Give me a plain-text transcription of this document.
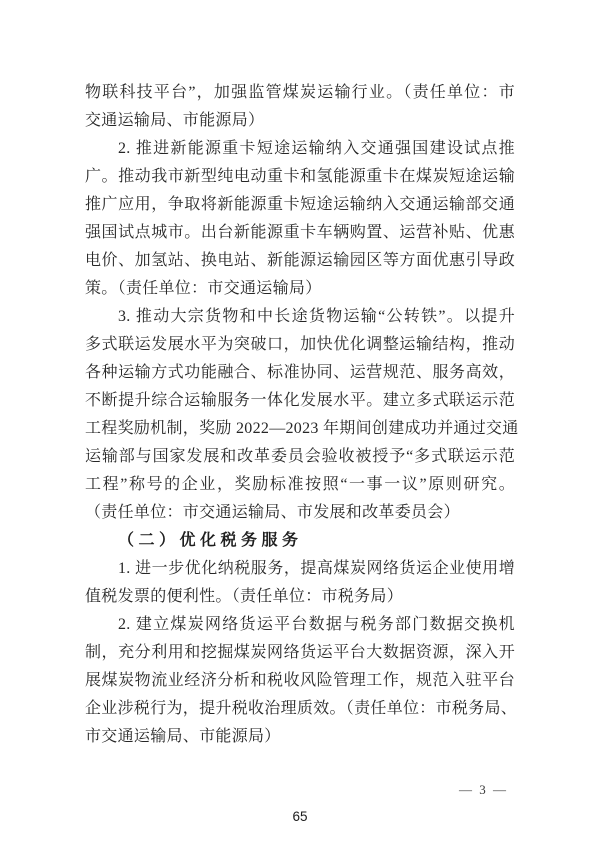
物联科技平台”，加强监管煤炭运输行业。（责任单位：市
交通运输局、市能源局）
2. 推进新能源重卡短途运输纳入交通强国建设试点推
广。推动我市新型纯电动重卡和氢能源重卡在煤炭短途运输
推广应用，争取将新能源重卡短途运输纳入交通运输部交通
强国试点城市。出台新能源重卡车辆购置、运营补贴、优惠
电价、加氢站、换电站、新能源运输园区等方面优惠引导政
策。（责任单位：市交通运输局）
3. 推动大宗货物和中长途货物运输“公转铁”。以提升
多式联运发展水平为突破口，加快优化调整运输结构，推动
各种运输方式功能融合、标准协同、运营规范、服务高效，
不断提升综合运输服务一体化发展水平。建立多式联运示范
工程奖励机制，奖励 2022—2023 年期间创建成功并通过交通
运输部与国家发展和改革委员会验收被授予“多式联运示范
工程”称号的企业，奖励标准按照“一事一议”原则研究。
（责任单位：市交通运输局、市发展和改革委员会）
（二）优化税务服务
1. 进一步优化纳税服务，提高煤炭网络货运企业使用增
值税发票的便利性。（责任单位：市税务局）
2. 建立煤炭网络货运平台数据与税务部门数据交换机
制，充分利用和挖掘煤炭网络货运平台大数据资源，深入开
展煤炭物流业经济分析和税收风险管理工作，规范入驻平台
企业涉税行为，提升税收治理质效。（责任单位：市税务局、
市交通运输局、市能源局）
— 3 —
65
